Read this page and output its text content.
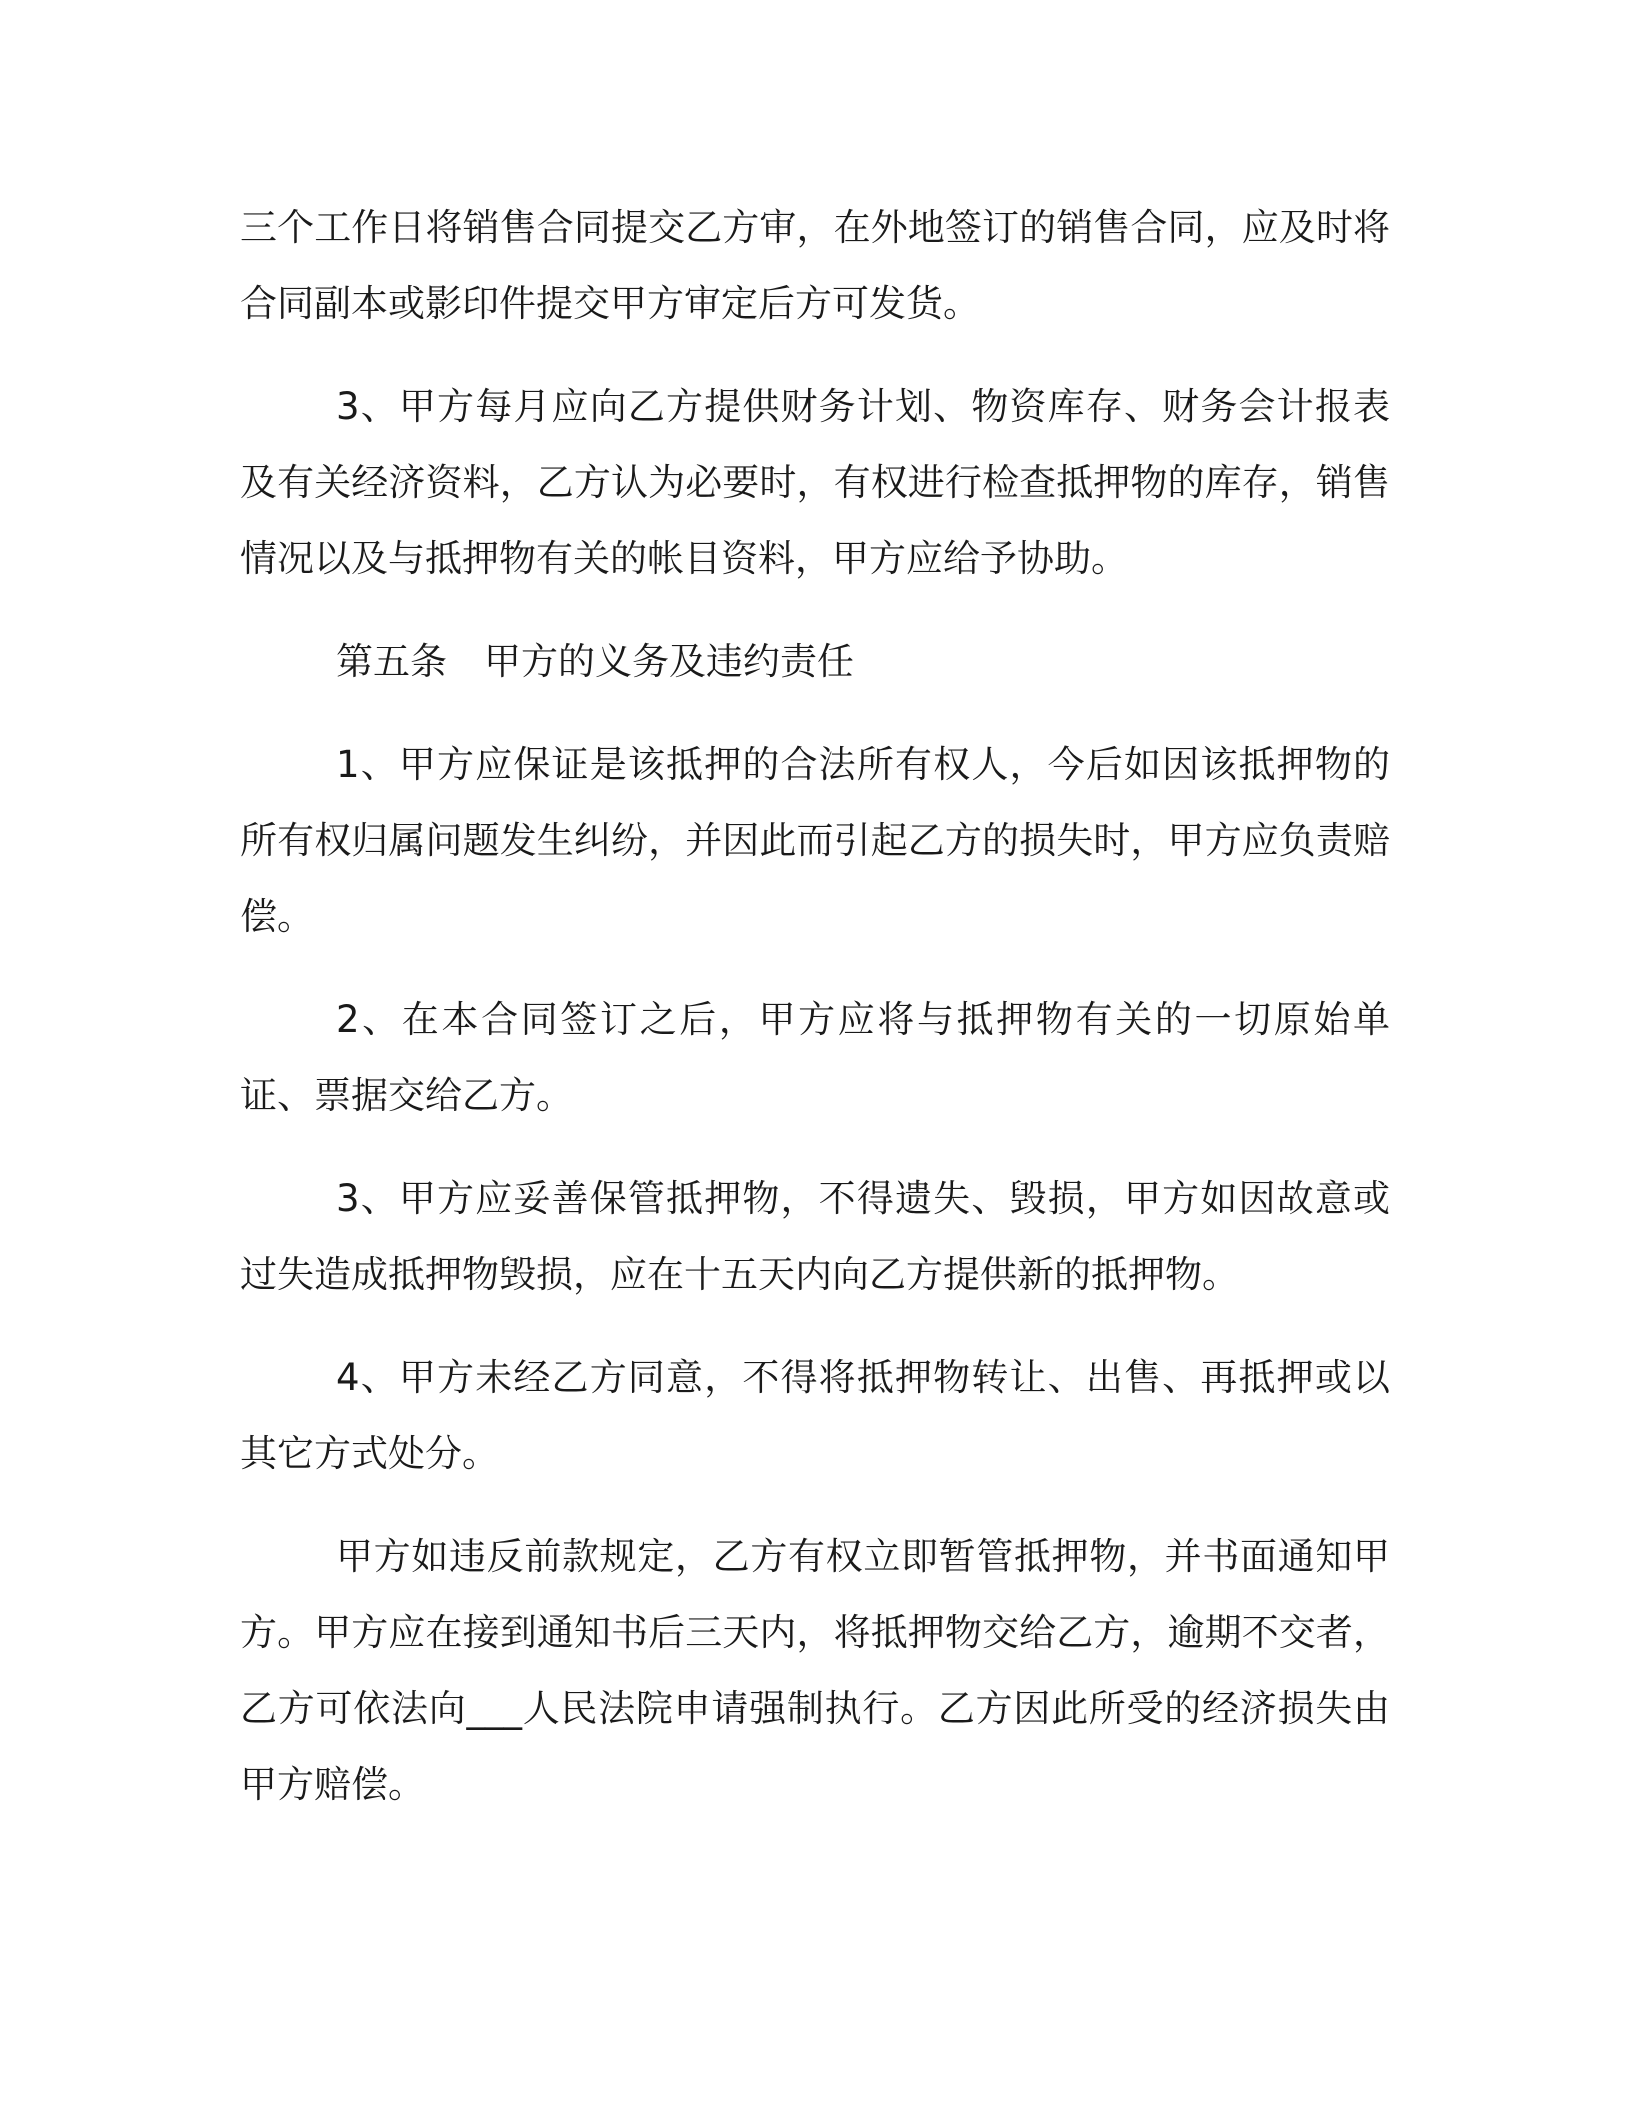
三个工作日将销售合同提交乙方审，在外地签订的销售合同，应及时将合同副本或影印件提交甲方审定后方可发货。

3、甲方每月应向乙方提供财务计划、物资库存、财务会计报表及有关经济资料，乙方认为必要时，有权进行检查抵押物的库存，销售情况以及与抵押物有关的帐目资料，甲方应给予协助。

第五条　甲方的义务及违约责任

1、甲方应保证是该抵押的合法所有权人，今后如因该抵押物的所有权归属问题发生纠纷，并因此而引起乙方的损失时，甲方应负责赔偿。

2、在本合同签订之后，甲方应将与抵押物有关的一切原始单证、票据交给乙方。

3、甲方应妥善保管抵押物，不得遗失、毁损，甲方如因故意或过失造成抵押物毁损，应在十五天内向乙方提供新的抵押物。

4、甲方未经乙方同意，不得将抵押物转让、出售、再抵押或以其它方式处分。

甲方如违反前款规定，乙方有权立即暂管抵押物，并书面通知甲方。甲方应在接到通知书后三天内，将抵押物交给乙方，逾期不交者，乙方可依法向___人民法院申请强制执行。乙方因此所受的经济损失由甲方赔偿。
